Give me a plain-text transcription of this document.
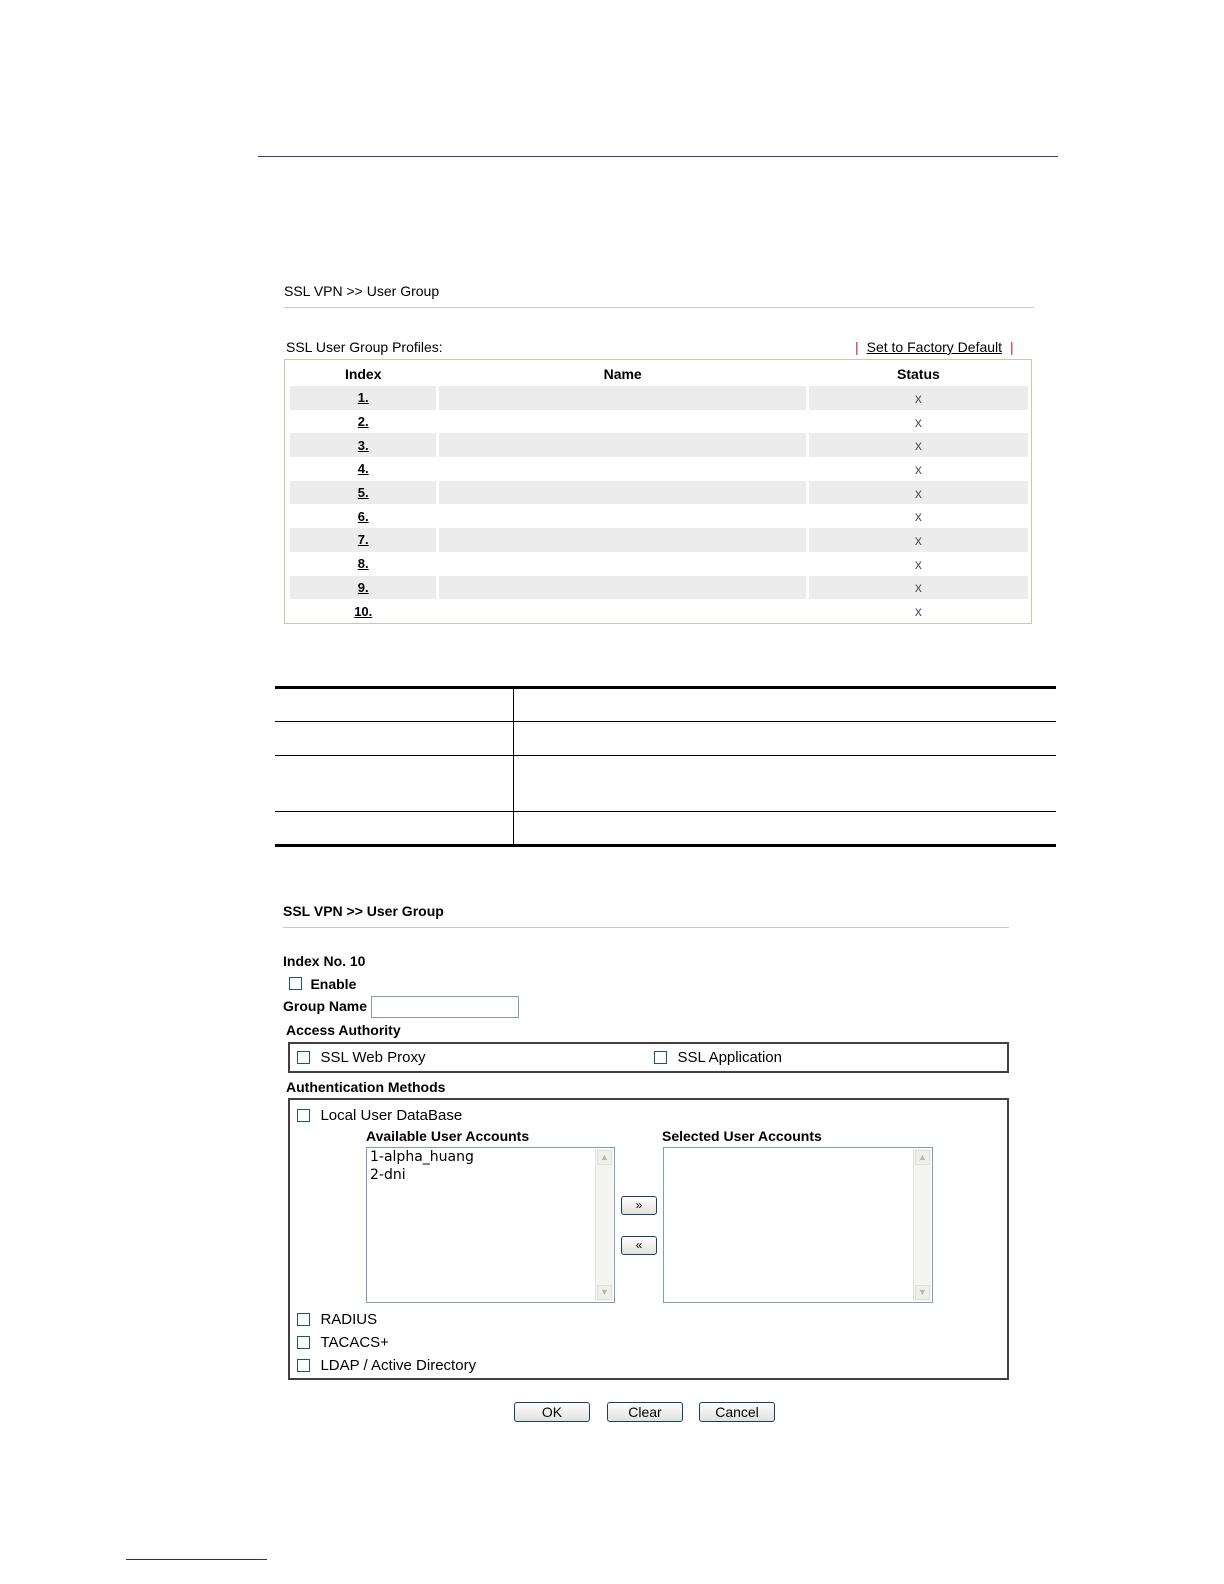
SSL VPN >> User Group
SSL User Group Profiles:	| Set to Factory Default |
Index	Name	Status
1.		x
2.		x
3.		x
4.		x
5.		x
6.		x
7.		x
8.		x
9.		x
10.		x
SSL VPN >> User Group
Index No. 10
Enable
Group Name
Access Authority
SSL Web Proxy	SSL Application
Authentication Methods
Local User DataBase
Available User Accounts	Selected User Accounts
1-alpha_huang
2-dni
▲
▼
»
«
▲
▼
RADIUS
TACACS+
LDAP / Active Directory
OK	Clear	Cancel
